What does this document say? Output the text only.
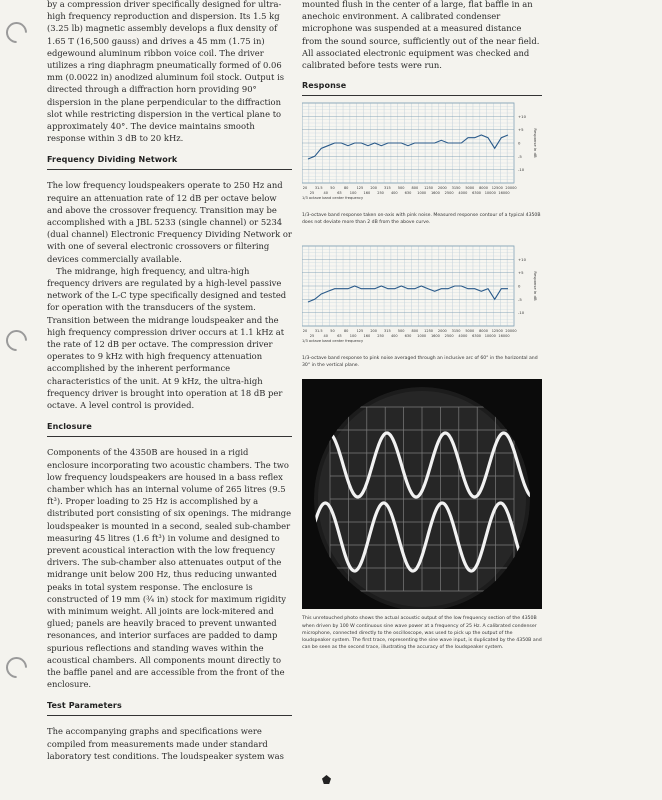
by a compression driver specifically designed for ultra-high frequency reproduction and dispersion. Its 1.5 kg (3.25 lb) magnetic assembly develops a flux density of 1.65 T (16,500 gauss) and drives a 45 mm (1.75 in) edgewound aluminum ribbon voice coil. The driver utilizes a ring diaphragm pneumatically formed of 0.06 mm (0.0022 in) anodized aluminum foil stock. Output is directed through a diffraction horn providing 90° dispersion in the plane perpendicular to the diffraction slot while restricting dispersion in the vertical plane to approximately 40°. The device maintains smooth response within 3 dB to 20 kHz.

Frequency Dividing Network

The low frequency loudspeakers operate to 250 Hz and require an attenuation rate of 12 dB per octave below and above the crossover frequency. Transition may be accomplished with a JBL 5233 (single channel) or 5234 (dual channel) Electronic Frequency Dividing Network or with one of several electronic crossovers or filtering devices commercially available.

The midrange, high frequency, and ultra-high frequency drivers are regulated by a high-level passive network of the L-C type specifically designed and tested for operation with the transducers of the system. Transition between the midrange loudspeaker and the high frequency compression driver occurs at 1.1 kHz at the rate of 12 dB per octave. The compression driver operates to 9 kHz with high frequency attenuation accomplished by the inherent performance characteristics of the unit. At 9 kHz, the ultra-high frequency driver is brought into operation at 18 dB per octave. A level control is provided.

Enclosure

Components of the 4350B are housed in a rigid enclosure incorporating two acoustic chambers. The two low frequency loudspeakers are housed in a bass reflex chamber which has an internal volume of 265 litres (9.5 ft³). Proper loading to 25 Hz is accomplished by a distributed port consisting of six openings. The midrange loudspeaker is mounted in a second, sealed sub-chamber measuring 45 litres (1.6 ft³) in volume and designed to prevent acoustical interaction with the low frequency drivers. The sub-chamber also attenuates output of the midrange unit below 200 Hz, thus reducing unwanted peaks in total system response. The enclosure is constructed of 19 mm (¾ in) stock for maximum rigidity with minimum weight. All joints are lock-mitered and glued; panels are heavily braced to prevent unwanted resonances, and interior surfaces are padded to damp spurious reflections and standing waves within the acoustical chambers. All components mount directly to the baffle panel and are accessible from the front of the enclosure.

Test Parameters

The accompanying graphs and specifications were compiled from measurements made under standard laboratory test conditions. The loudspeaker system was

mounted flush in the center of a large, flat baffle in an anechoic environment. A calibrated condenser microphone was suspended at a measured distance from the sound source, sufficiently out of the near field. All associated electronic equipment was checked and calibrated before tests were run.

Response
+10
+5
0
-5
-10
Response in dB
20 31.5 50	80 125 200 315 500 800 1250 2000 3150 5000 8000 12500 20000
25	40	63 100 160 250 400 630 1000 1600 2500 4000 6300 10000 16000
1/3 octave band center frequency
1/3-octave band response taken on-axis with pink noise. Measured response contour of a typical 4350B does not deviate more than 2 dB from the above curve.
+10
+5
0
-5
-10
Response in dB
20 31.5 50	80 125 200 315 500 800 1250 2000 3150 5000 8000 12500 20000
25	40	63 100 160 250 400 630 1000 1600 2500 4000 6300 10000 16000
1/3 octave band center frequency
1/3-octave band response to pink noise averaged through an inclusive arc of 60° in the horizontal and 30° in the vertical plane.
This unretouched photo shows the actual acoustic output of the low frequency section of the 4350B when driven by 100 W continuous sine wave power at a frequency of 25 Hz. A calibrated condenser microphone, connected directly to the oscilloscope, was used to pick up the output of the loudspeaker system. The first trace, representing the sine wave input, is duplicated by the 4350B and can be seen as the second trace, illustrating the accuracy of the loudspeaker system.
